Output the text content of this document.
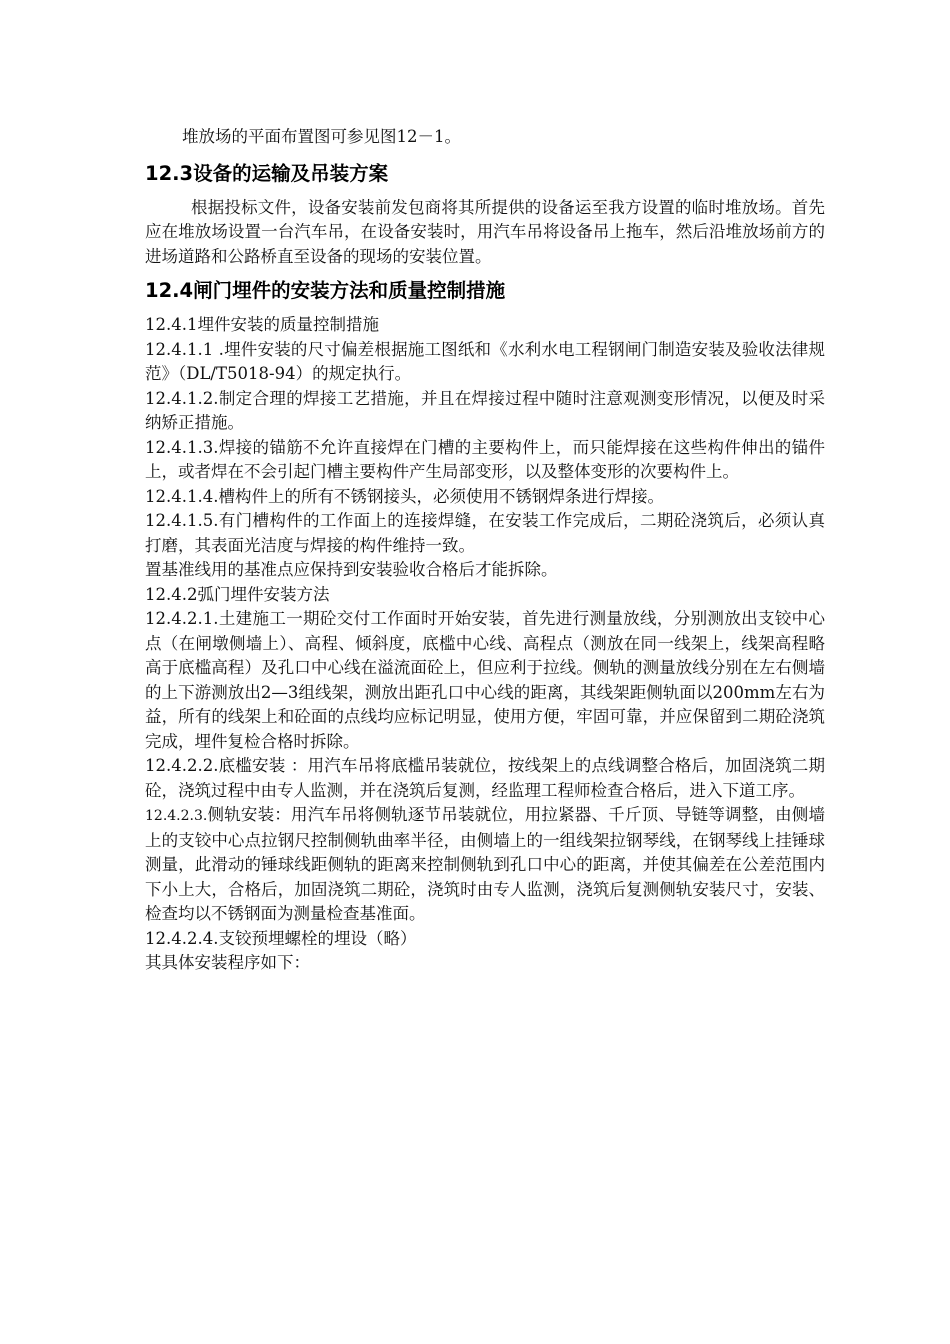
堆放场的平面布置图可参见图12－1。

12.3设备的运输及吊装方案

根据投标文件，设备安装前发包商将其所提供的设备运至我方设置的临时堆放场。首先应在堆放场设置一台汽车吊，在设备安装时，用汽车吊将设备吊上拖车，然后沿堆放场前方的进场道路和公路桥直至设备的现场的安装位置。

12.4闸门埋件的安装方法和质量控制措施

12.4.1埋件安装的质量控制措施

12.4.1.1 .埋件安装的尺寸偏差根据施工图纸和《水利水电工程钢闸门制造安装及验收法律规范》（DL/T5018-94）的规定执行。

12.4.1.2.制定合理的焊接工艺措施，并且在焊接过程中随时注意观测变形情况，以便及时采纳矫正措施。

12.4.1.3.焊接的锚筋不允许直接焊在门槽的主要构件上，而只能焊接在这些构件伸出的锚件上，或者焊在不会引起门槽主要构件产生局部变形，以及整体变形的次要构件上。

12.4.1.4.槽构件上的所有不锈钢接头，必须使用不锈钢焊条进行焊接。

12.4.1.5.有门槽构件的工作面上的连接焊缝，在安装工作完成后，二期砼浇筑后，必须认真打磨，其表面光洁度与焊接的构件维持一致。

置基准线用的基准点应保持到安装验收合格后才能拆除。

12.4.2弧门埋件安装方法

12.4.2.1.土建施工一期砼交付工作面时开始安装，首先进行测量放线，分别测放出支铰中心点（在闸墩侧墙上）、高程、倾斜度，底槛中心线、高程点（测放在同一线架上，线架高程略高于底槛高程）及孔口中心线在溢流面砼上，但应利于拉线。侧轨的测量放线分别在左右侧墙的上下游测放出2—3组线架，测放出距孔口中心线的距离，其线架距侧轨面以200mm左右为益，所有的线架上和砼面的点线均应标记明显，使用方便，牢固可靠，并应保留到二期砼浇筑完成，埋件复检合格时拆除。

12.4.2.2.底槛安装 ：用汽车吊将底槛吊装就位，按线架上的点线调整合格后，加固浇筑二期砼，浇筑过程中由专人监测，并在浇筑后复测，经监理工程师检查合格后，进入下道工序。

12.4.2.3.侧轨安装：用汽车吊将侧轨逐节吊装就位，用拉紧器、千斤顶、导链等调整，由侧墙上的支铰中心点拉钢尺控制侧轨曲率半径，由侧墙上的一组线架拉钢琴线，在钢琴线上挂锤球测量，此滑动的锤球线距侧轨的距离来控制侧轨到孔口中心的距离，并使其偏差在公差范围内下小上大，合格后，加固浇筑二期砼，浇筑时由专人监测，浇筑后复测侧轨安装尺寸，安装、检查均以不锈钢面为测量检查基准面。

12.4.2.4.支铰预埋螺栓的埋设（略）

其具体安装程序如下：
